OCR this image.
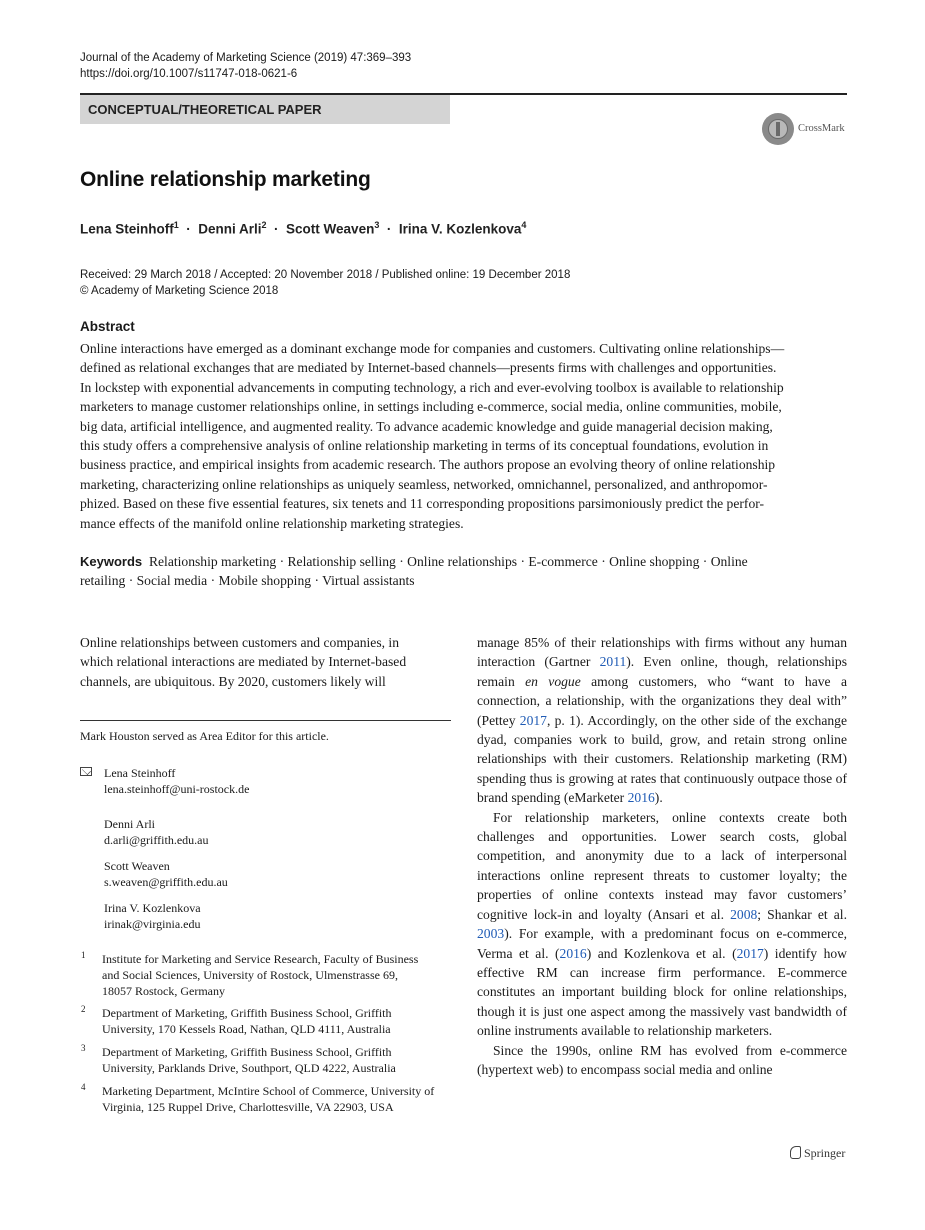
Journal of the Academy of Marketing Science (2019) 47:369–393
https://doi.org/10.1007/s11747-018-0621-6
CONCEPTUAL/THEORETICAL PAPER
CrossMark
Online relationship marketing
Lena Steinhoff$^1$  ·  Denni Arli$^2$  ·  Scott Weaven$^3$  ·  Irina V. Kozlenkova$^4$
Received: 29 March 2018 / Accepted: 20 November 2018 / Published online: 19 December 2018
© Academy of Marketing Science 2018
Abstract
Online interactions have emerged as a dominant exchange mode for companies and customers. Cultivating online relationships—
defined as relational exchanges that are mediated by Internet-based channels—presents firms with challenges and opportunities.
In lockstep with exponential advancements in computing technology, a rich and ever-evolving toolbox is available to relationship
marketers to manage customer relationships online, in settings including e-commerce, social media, online communities, mobile,
big data, artificial intelligence, and augmented reality. To advance academic knowledge and guide managerial decision making,
this study offers a comprehensive analysis of online relationship marketing in terms of its conceptual foundations, evolution in
business practice, and empirical insights from academic research. The authors propose an evolving theory of online relationship
marketing, characterizing online relationships as uniquely seamless, networked, omnichannel, personalized, and anthropomor-
phized. Based on these five essential features, six tenets and 11 corresponding propositions parsimoniously predict the perfor-
mance effects of the manifold online relationship marketing strategies.
Keywords Relationship marketing · Relationship selling · Online relationships · E-commerce · Online shopping · Online
retailing · Social media · Mobile shopping · Virtual assistants
Online relationships between customers and companies, in
which relational interactions are mediated by Internet-based
channels, are ubiquitous. By 2020, customers likely will
Mark Houston served as Area Editor for this article.
Lena Steinhoff
lena.steinhoff@uni-rostock.de
Denni Arli
d.arli@griffith.edu.au
Scott Weaven
s.weaven@griffith.edu.au
Irina V. Kozlenkova
irinak@virginia.edu
1 Institute for Marketing and Service Research, Faculty of Business
and Social Sciences, University of Rostock, Ulmenstrasse 69,
18057 Rostock, Germany
2 Department of Marketing, Griffith Business School, Griffith
University, 170 Kessels Road, Nathan, QLD 4111, Australia
3 Department of Marketing, Griffith Business School, Griffith
University, Parklands Drive, Southport, QLD 4222, Australia
4 Marketing Department, McIntire School of Commerce, University of
Virginia, 125 Ruppel Drive, Charlottesville, VA 22903, USA

manage 85% of their relationships with firms without any human interaction (Gartner 2011). Even online, though, relationships remain en vogue among customers, who “want to have a connection, a relationship, with the organizations they deal with” (Pettey 2017, p. 1). Accordingly, on the other side of the exchange dyad, companies work to build, grow, and retain strong online relationships with their customers. Relationship marketing (RM) spending thus is growing at rates that continuously outpace those of brand spending (eMarketer 2016).

For relationship marketers, online contexts create both challenges and opportunities. Lower search costs, global competition, and anonymity due to a lack of interpersonal interactions online represent threats to customer loyalty; the properties of online contexts instead may favor customers’ cognitive lock-in and loyalty (Ansari et al. 2008; Shankar et al. 2003). For example, with a predominant focus on e-commerce, Verma et al. (2016) and Kozlenkova et al. (2017) identify how effective RM can increase firm performance. E-commerce constitutes an important building block for online relationships, though it is just one aspect among the massively vast bandwidth of online instruments available to relationship marketers.

Since the 1990s, online RM has evolved from e-commerce (hypertext web) to encompass social media and online

Springer
